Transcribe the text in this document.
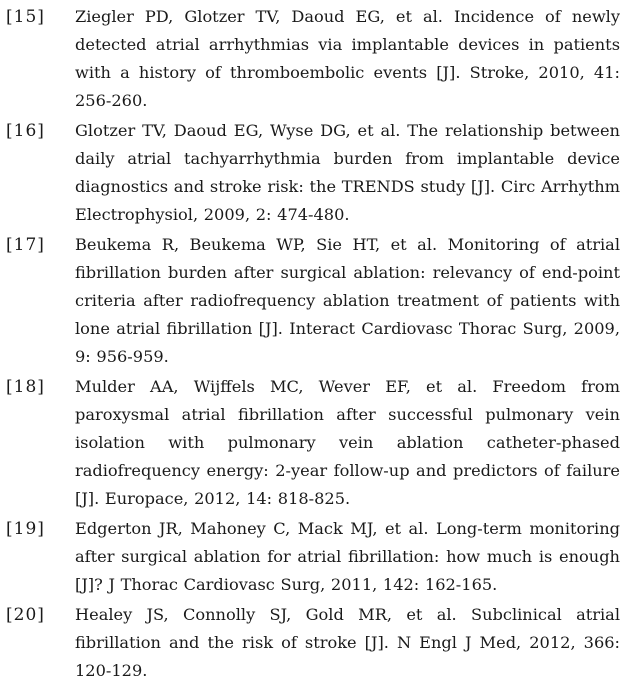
[15]	Ziegler PD, Glotzer TV, Daoud EG, et al. Incidence of newly detected atrial arrhythmias via implantable devices in patients with a history of thromboembolic events [J]. Stroke, 2010, 41: 256-260.
[16]	Glotzer TV, Daoud EG, Wyse DG, et al. The relationship between daily atrial tachyarrhythmia burden from implantable device diagnostics and stroke risk: the TRENDS study [J]. Circ Arrhythm Electrophysiol, 2009, 2: 474-480.
[17]	Beukema R, Beukema WP, Sie HT, et al. Monitoring of atrial fibrillation burden after surgical ablation: relevancy of end-point criteria after radiofrequency ablation treatment of patients with lone atrial fibrillation [J]. Interact Cardiovasc Thorac Surg, 2009, 9: 956-959.
[18]	Mulder AA, Wijffels MC, Wever EF, et al. Freedom from paroxysmal atrial fibrillation after successful pulmonary vein isolation with pulmonary vein ablation catheter-phased radiofrequency energy: 2-year follow-up and predictors of failure [J]. Europace, 2012, 14: 818-825.
[19]	Edgerton JR, Mahoney C, Mack MJ, et al. Long-term monitoring after surgical ablation for atrial fibrillation: how much is enough [J]? J Thorac Cardiovasc Surg, 2011, 142: 162-165.
[20]	Healey JS, Connolly SJ, Gold MR, et al. Subclinical atrial fibrillation and the risk of stroke [J]. N Engl J Med, 2012, 366: 120-129.
